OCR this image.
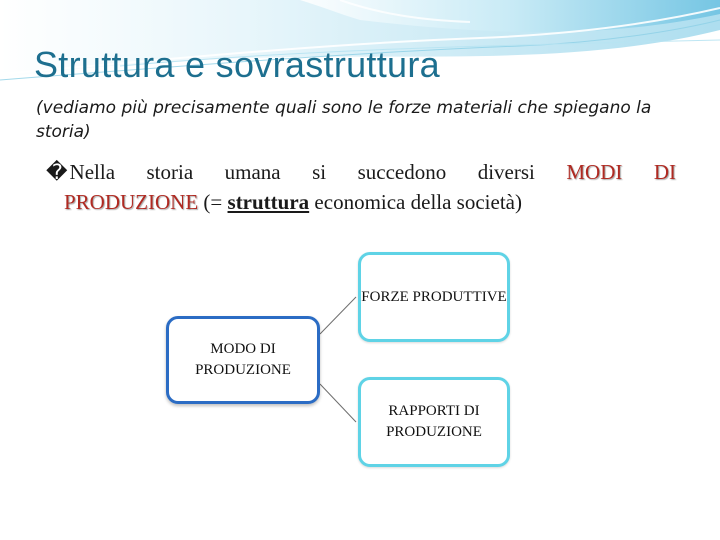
Struttura e sovrastruttura
(vediamo più precisamente quali sono le forze materiali che spiegano la storia)
�Nella storia umana si succedono diversi MODI DI
PRODUZIONE (= struttura economica della società)
MODO DI PRODUZIONE
FORZE PRODUTTIVE
RAPPORTI DI PRODUZIONE
